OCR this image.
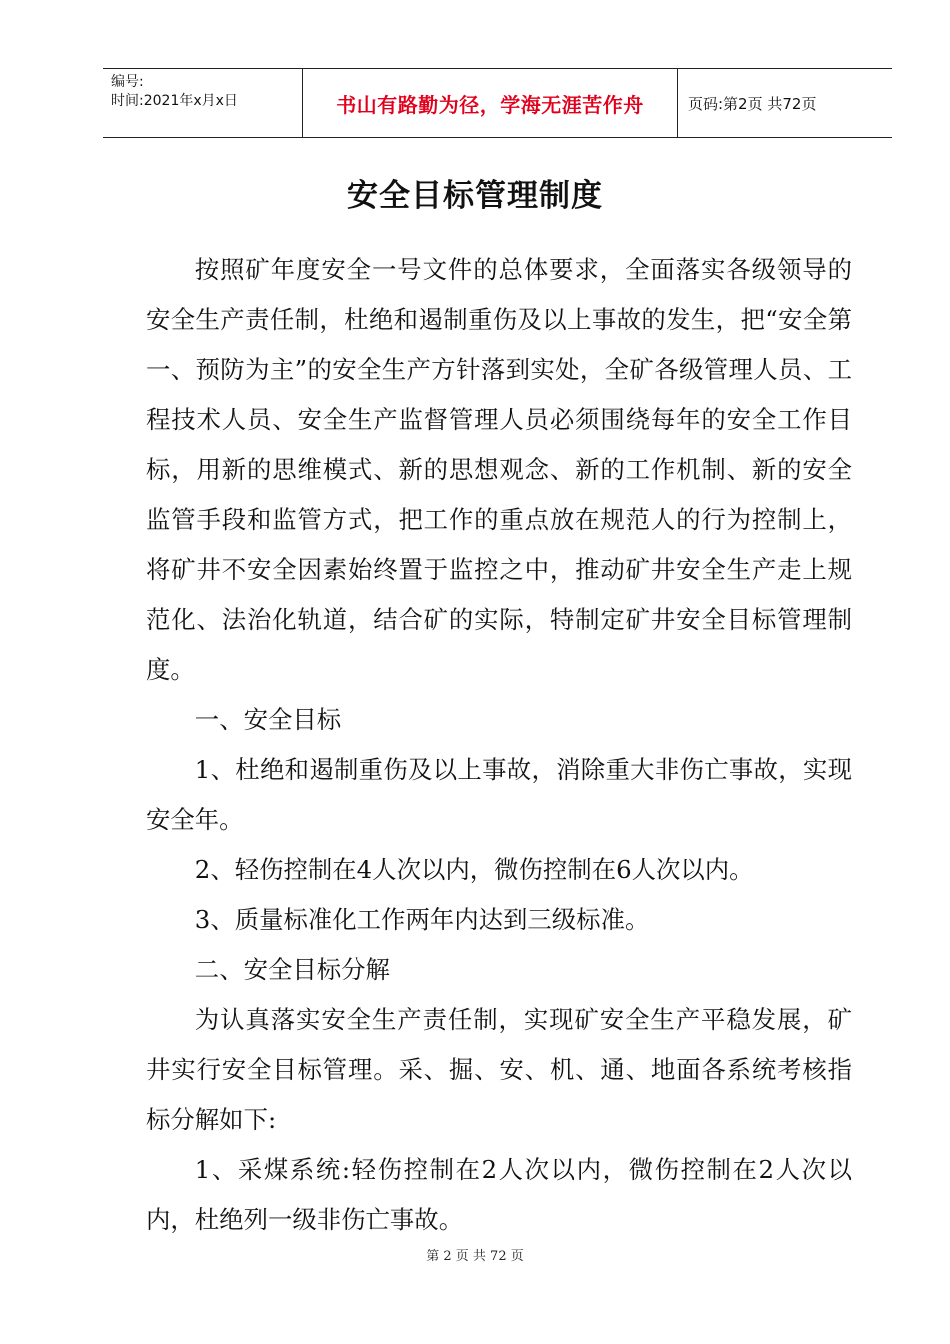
编号:
时间:2021年x月x日	书山有路勤为径，学海无涯苦作舟	页码:第2页 共72页
安全目标管理制度

按照矿年度安全一号文件的总体要求，全面落实各级领导的安全生产责任制，杜绝和遏制重伤及以上事故的发生，把“安全第一、预防为主”的安全生产方针落到实处，全矿各级管理人员、工程技术人员、安全生产监督管理人员必须围绕每年的安全工作目标，用新的思维模式、新的思想观念、新的工作机制、新的安全监管手段和监管方式，把工作的重点放在规范人的行为控制上，将矿井不安全因素始终置于监控之中，推动矿井安全生产走上规范化、法治化轨道，结合矿的实际，特制定矿井安全目标管理制度。

一、安全目标

1、杜绝和遏制重伤及以上事故，消除重大非伤亡事故，实现安全年。

2、轻伤控制在4人次以内，微伤控制在6人次以内。

3、质量标准化工作两年内达到三级标准。

二、安全目标分解

为认真落实安全生产责任制，实现矿安全生产平稳发展，矿井实行安全目标管理。采、掘、安、机、通、地面各系统考核指标分解如下:

1、采煤系统:轻伤控制在2人次以内，微伤控制在2人次以内，杜绝列一级非伤亡事故。

第 2 页 共 72 页
